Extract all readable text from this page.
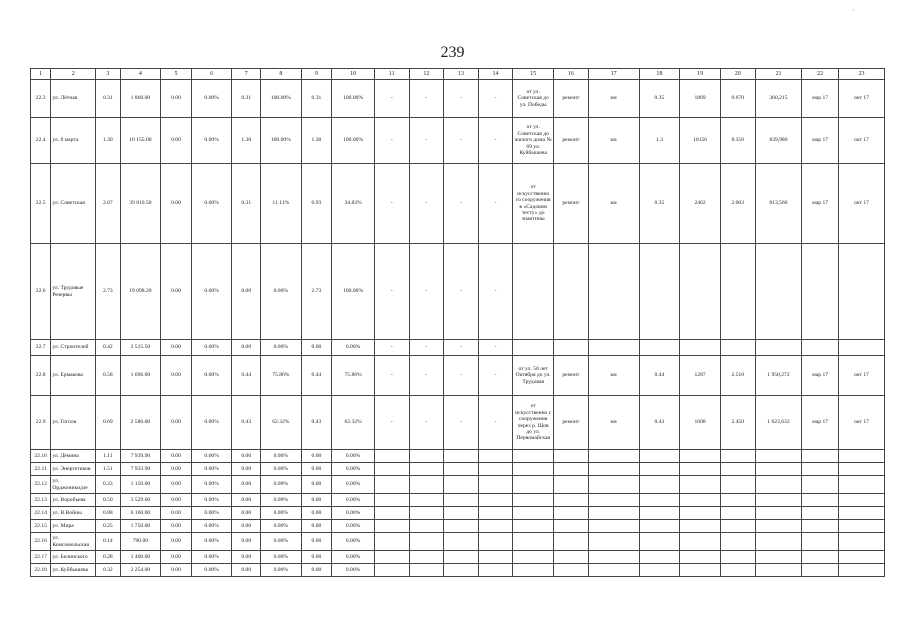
·
239
1	2	3	4	5	6	7	8	9	10	11	12	13	14	15	16	17	18	19	20	21	22	23
22.3	ул. Лётная	0.31	1 860.00	0.00	0.00%	0.31	100.00%	0.31	100.00%	-	-	-	-	от ул. Советская до ул. Победы	ремонт	км	0.35	1869	0.670	360,215	мар 17	окт 17
22.4	ул. 8 марта	1.30	10 155.00	0.00	0.00%	1.30	100.00%	1.30	100.00%	-	-	-	-	от ул. Советская до жилого дома № 69 ул. Куйбышева	ремонт	км	1.3	10156	8.350	839,980	мар 17	окт 17
22.5	ул. Советская	2.67	39 810.50	0.00	0.00%	0.31	11.11%	0.93	34.83%	-	-	-	-	от искусственно го сооружения в «Садовом тесту» до знаитины	ремонт	км	0.35	2462	2.003	813,566	мар 17	окт 17
22.6	ул. Трудовые Резервы	2.73	19 098.20	0.00	0.00%	0.00	0.00%	2.73	100.00%	-	-	-	-									
22.7	ул. Строителей	0.42	2 515.50	0.00	0.00%	0.00	0.00%	0.00	0.00%	-	-	-	-									
22.8	ул. Ермакова	0.58	1 696.00	0.00	0.00%	0.44	75.86%	0.44	75.86%	-	-	-	-	от ул. 50 лет Октября до ул. Трудовая	ремонт	км	0.44	1287	2.510	1 950,272	мар 17	окт 17
22.9	ул. Гоголя	0.69	2 580.00	0.00	0.00%	0.43	62.32%	0.43	62.32%	-	-	-	-	от искусственно с сооружения через р. Щов до ул. Первомайская	ремонт	км	0.43	1608	2.450	1 623,632	мар 17	окт 17
22.10	ул. Дёмина	1.11	7 939.90	0.00	0.00%	0.00	0.00%	0.00	0.00%													
22.11	ул. Энергетиков	1.51	7 933.90	0.00	0.00%	0.00	0.00%	0.00	0.00%													
22.12	ул. Орджоникидзе	0.23	1 150.00	0.00	0.00%	0.00	0.00%	0.00	0.00%													
22.13	ул. Воробьева	0.50	3 529.60	0.00	0.00%	0.00	0.00%	0.00	0.00%													
22.14	ул. В.Войны	0.88	6 160.00	0.00	0.00%	0.00	0.00%	0.00	0.00%													
22.15	ул. Мира	0.25	1 750.00	0.00	0.00%	0.00	0.00%	0.00	0.00%													
22.16	ул. Комсомольская	0.14	790.00	0.00	0.00%	0.00	0.00%	0.00	0.00%													
22.17	ул. Белинского	0.28	1 400.00	0.00	0.00%	0.00	0.00%	0.00	0.00%													
22.18	ул. Куйбышева	0.32	2 254.00	0.00	0.00%	0.00	0.00%	0.00	0.00%													
